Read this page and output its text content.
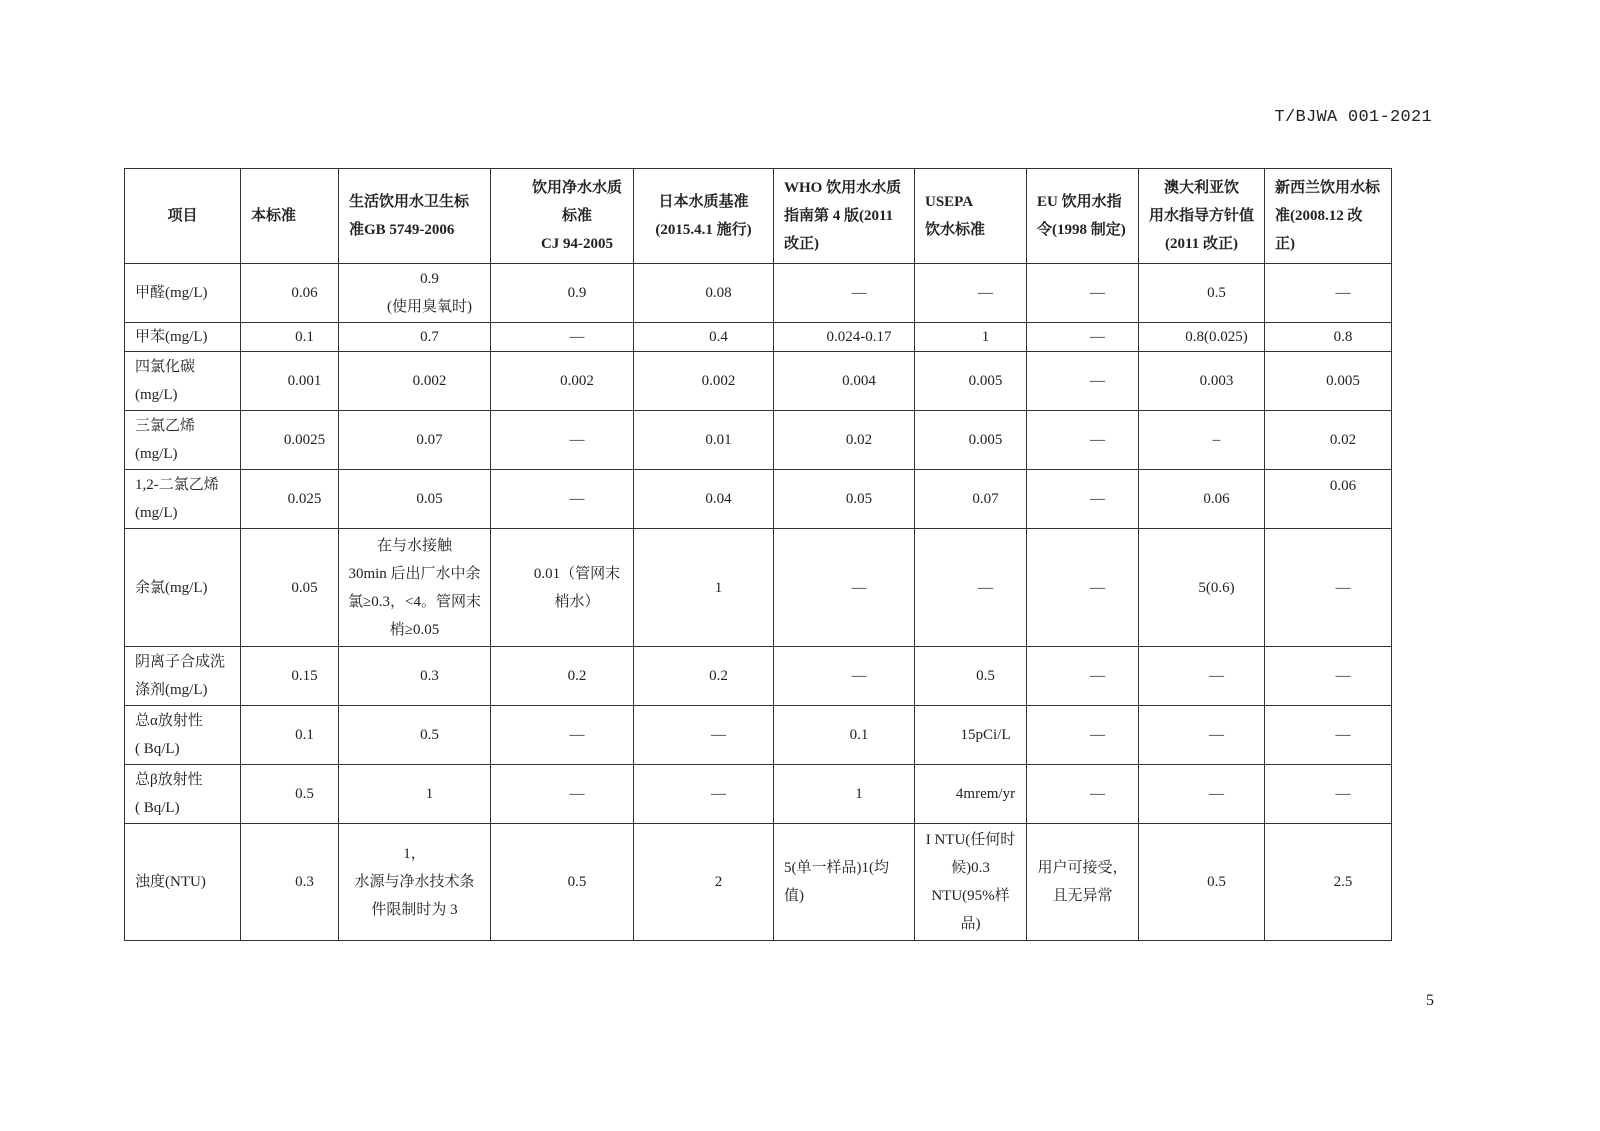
T/BJWA 001-2021
项目	本标准	生活饮用水卫生标
准GB 5749-2006	饮用净水水质
标准
CJ 94-2005	日本水质基准
(2015.4.1 施行)	WHO 饮用水水质
指南第 4 版(2011
改正)	USEPA
饮水标准	EU 饮用水指
令(1998 制定)	澳大利亚饮
用水指导方针值
(2011 改正)	新西兰饮用水标
准(2008.12 改
正)
甲醛(mg/L)	0.06	0.9
(使用臭氧时)	0.9	0.08	—	—	—	0.5	—
甲苯(mg/L)	0.1	0.7	—	0.4	0.024-0.17	1	—	0.8(0.025)	0.8
四氯化碳
(mg/L)	0.001	0.002	0.002	0.002	0.004	0.005	—	0.003	0.005
三氯乙烯
(mg/L)	0.0025	0.07	—	0.01	0.02	0.005	—	–	0.02
1,2-二氯乙烯
(mg/L)	0.025	0.05	—	0.04	0.05	0.07	—	0.06	0.06
余氯(mg/L)	0.05	在与水接触
30min 后出厂水中余
氯≥0.3，<4。管网末
梢≥0.05	0.01（管网末
梢水）	1	—	—	—	5(0.6)	—
阴离子合成洗
涤剂(mg/L)	0.15	0.3	0.2	0.2	—	0.5	—	—	—
总α放射性
( Bq/L)	0.1	0.5	—	—	0.1	15pCi/L	—	—	—
总β放射性
( Bq/L)	0.5	1	—	—	1	4mrem/yr	—	—	—
浊度(NTU)	0.3	1，
水源与净水技术条
件限制时为 3	0.5	2	5(单一样品)1(均
值)	I NTU(任何时
候)0.3
NTU(95%样
品)	用户可接受，
且无异常	0.5	2.5
5
